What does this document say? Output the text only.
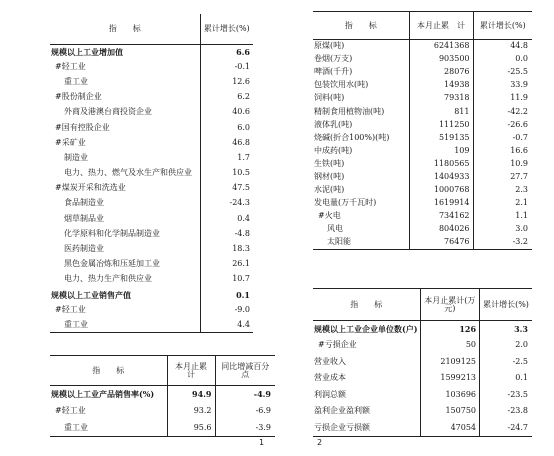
指　　标	累计增长(%)
规模以上工业增加值	6.6
#轻工业	-0.1
重工业	12.6
#股份制企业	6.2
外商及港澳台商投资企业	40.6
#国有控股企业	6.0
#采矿业	46.8
制造业	1.7
电力、热力、燃气及水生产和供应业	10.5
#煤炭开采和洗选业	47.5
食品制造业	-24.3
烟草制品业	0.4
化学原料和化学制品制造业	-4.8
医药制造业	18.3
黑色金属冶炼和压延加工业	26.1
电力、热力生产和供应业	10.7
规模以上工业销售产值	0.1
#轻工业	-9.0
重工业	4.4
指　　标	本月止累　计	同比增减百分点
规模以上工业产品销售率(%)	94.9	-4.9
#轻工业	93.2	-6.9
重工业	95.6	-3.9
指　　标	本月止累　计	累计增长(%)
原煤(吨)	6241368	44.8
卷烟(万支)	903500	0.0
啤酒(千升)	28076	-25.5
包装饮用水(吨)	14938	33.9
饲料(吨)	79318	11.9
精制食用植物油(吨)	811	-42.2
液体乳(吨)	111250	-26.6
烧碱(折合100%)(吨)	519135	-0.7
中成药(吨)	109	16.6
生铁(吨)	1180565	10.9
钢材(吨)	1404933	27.7
水泥(吨)	1000768	2.3
发电量(万千瓦时)	1619914	2.1
#火电	734162	1.1
风电	804026	3.0
太阳能	76476	-3.2
指　　标	本月止累计(万元)	累计增长(%)
规模以上工业企业单位数(户)	126	3.3
#亏损企业	50	2.0
营业收入	2109125	-2.5
营业成本	1599213	0.1
利润总额	103696	-23.5
盈利企业盈利额	150750	-23.8
亏损企业亏损额	47054	-24.7
1	2
